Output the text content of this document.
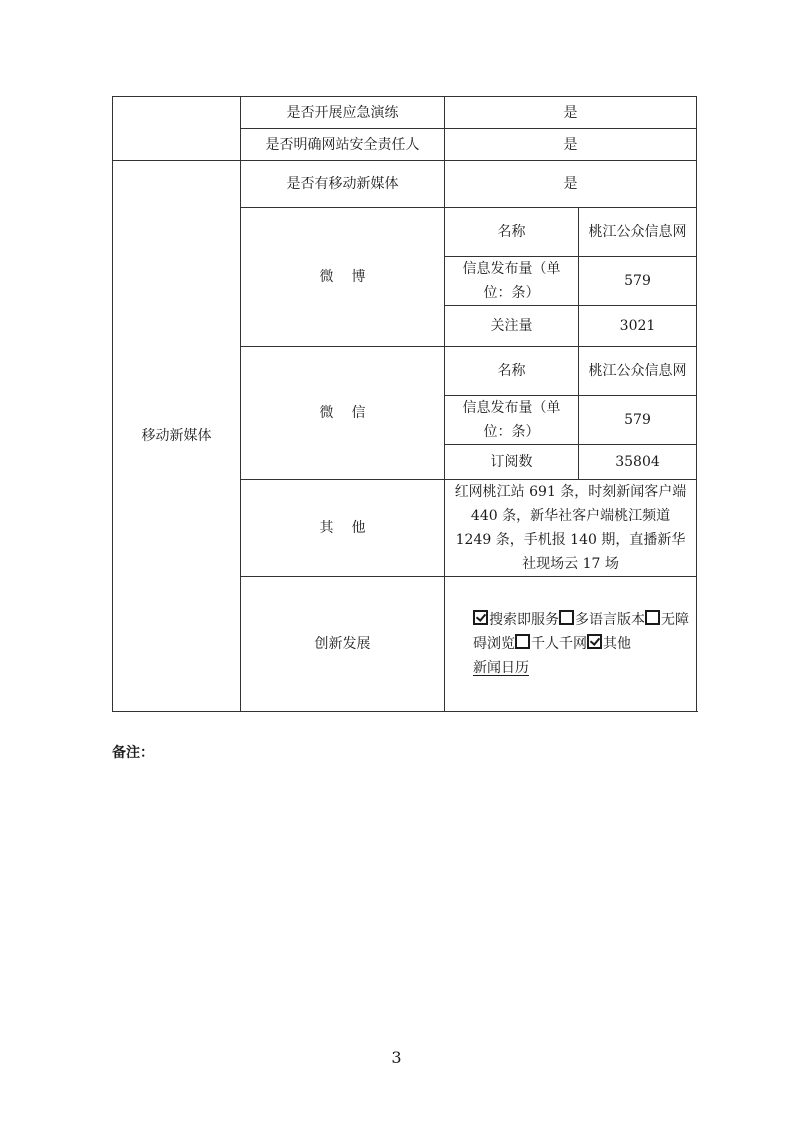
	是否开展应急演练	是	
	是否明确网站安全责任人	是	
移动新媒体	是否有移动新媒体	是	
	微 博	名称	桃江公众信息网
		信息发布量（单位：条）	579
		关注量	3021
	微 信	名称	桃江公众信息网
		信息发布量（单位：条）	579
		订阅数	35804
	其 他	红网桃江站 691 条，时刻新闻客户端 440 条，新华社客户端桃江频道 1249 条，手机报 140 期，直播新华社现场云 17 场	
	创新发展	搜索即服务 多语言版本 无障碍浏览 千人千网 其他
新闻日历	
备注：
3
